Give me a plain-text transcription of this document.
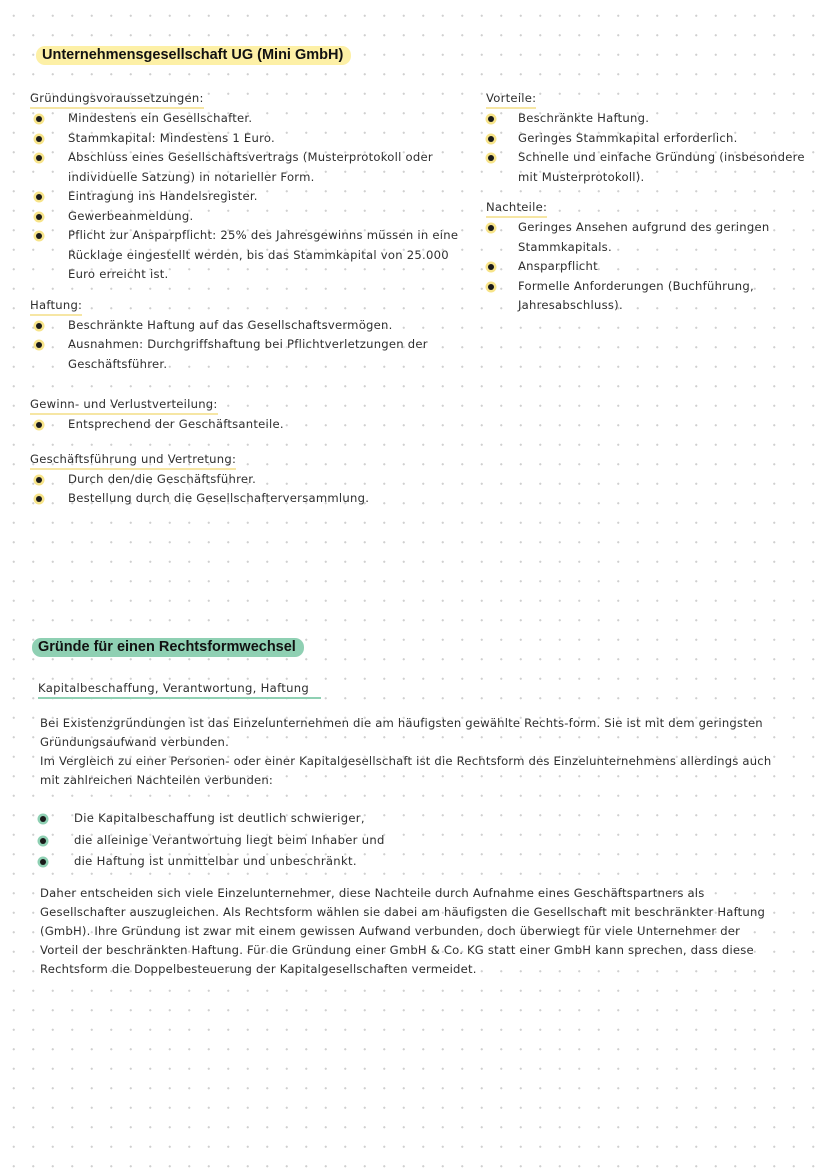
Unternehmensgesellschaft UG (Mini GmbH)
Gründungsvoraussetzungen:
Mindestens ein Gesellschafter.
Stammkapital: Mindestens 1 Euro.
Abschluss eines Gesellschaftsvertrags (Musterprotokoll oder individuelle Satzung) in notarieller Form.
Eintragung ins Handelsregister.
Gewerbeanmeldung.
Pflicht zur Ansparpflicht: 25% des Jahresgewinns müssen in eine Rücklage eingestellt werden, bis das Stammkapital von 25.000 Euro erreicht ist.
Haftung:
Beschränkte Haftung auf das Gesellschaftsvermögen.
Ausnahmen: Durchgriffshaftung bei Pflichtverletzungen der Geschäftsführer.
Gewinn- und Verlustverteilung:
Entsprechend der Geschäftsanteile.
Geschäftsführung und Vertretung:
Durch den/die Geschäftsführer.
Bestellung durch die Gesellschafterversammlung.
Vorteile:
Beschränkte Haftung.
Geringes Stammkapital erforderlich.
Schnelle und einfache Gründung (insbesondere mit Musterprotokoll).
Nachteile:
Geringes Ansehen aufgrund des geringen Stammkapitals.
Ansparpflicht
Formelle Anforderungen (Buchführung, Jahresabschluss).
Gründe für einen Rechtsformwechsel
Kapitalbeschaffung, Verantwortung, Haftung
Bei Existenzgründungen ist das Einzelunternehmen die am häufigsten gewählte Rechts-form. Sie ist mit dem geringsten Gründungsaufwand verbunden.
Im Vergleich zu einer Personen- oder einer Kapitalgesellschaft ist die Rechtsform des Einzelunternehmens allerdings auch mit zahlreichen Nachteilen verbunden:
Die Kapitalbeschaffung ist deutlich schwieriger,
die alleinige Verantwortung liegt beim Inhaber und
die Haftung ist unmittelbar und unbeschränkt.
Daher entscheiden sich viele Einzelunternehmer, diese Nachteile durch Aufnahme eines Geschäftspartners als Gesellschafter auszugleichen. Als Rechtsform wählen sie dabei am häufigsten die Gesellschaft mit beschränkter Haftung (GmbH). Ihre Gründung ist zwar mit einem gewissen Aufwand verbunden, doch überwiegt für viele Unternehmer der Vorteil der beschränkten Haftung. Für die Gründung einer GmbH & Co. KG statt einer GmbH kann sprechen, dass diese Rechtsform die Doppelbesteuerung der Kapitalgesellschaften vermeidet.
